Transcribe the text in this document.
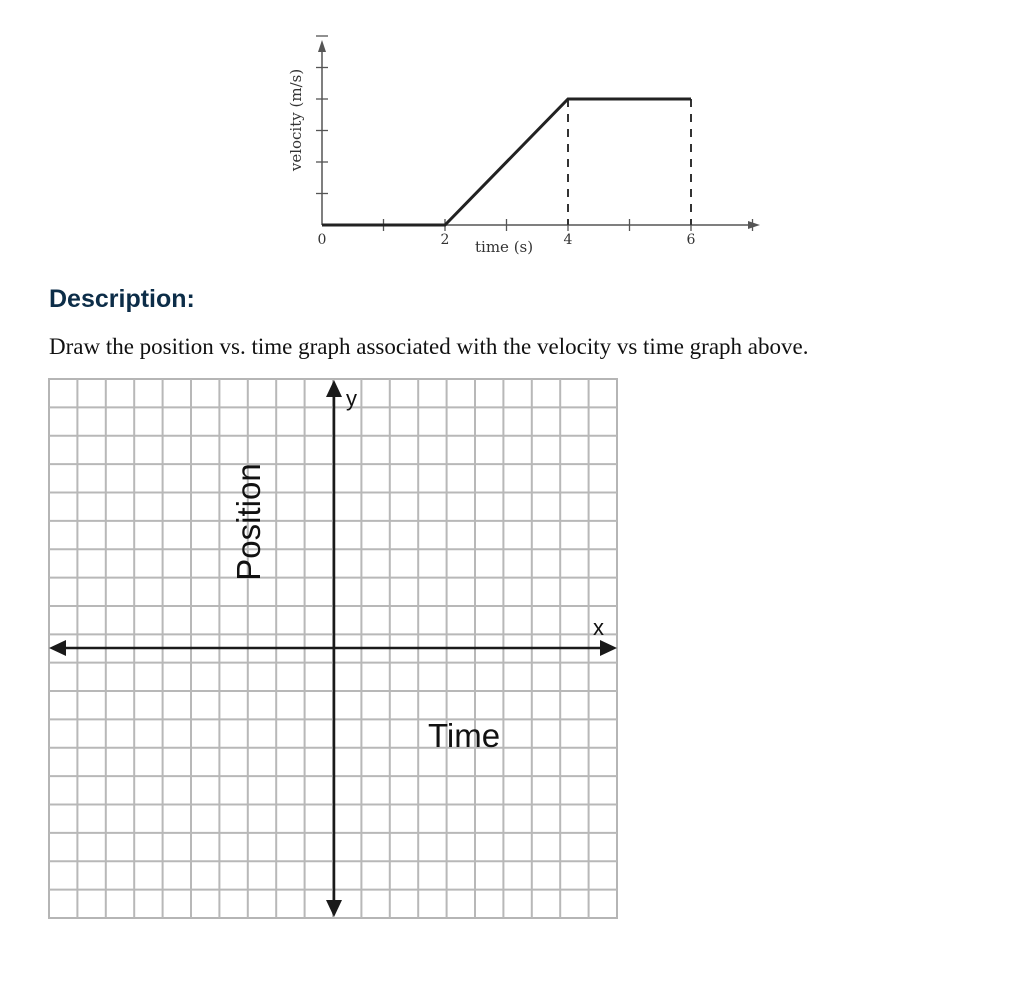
0	2	4	6
time (s)
velocity (m/s)
Description:

Draw the position vs. time graph associated with the velocity vs time graph above.

Position
Time
x
y
